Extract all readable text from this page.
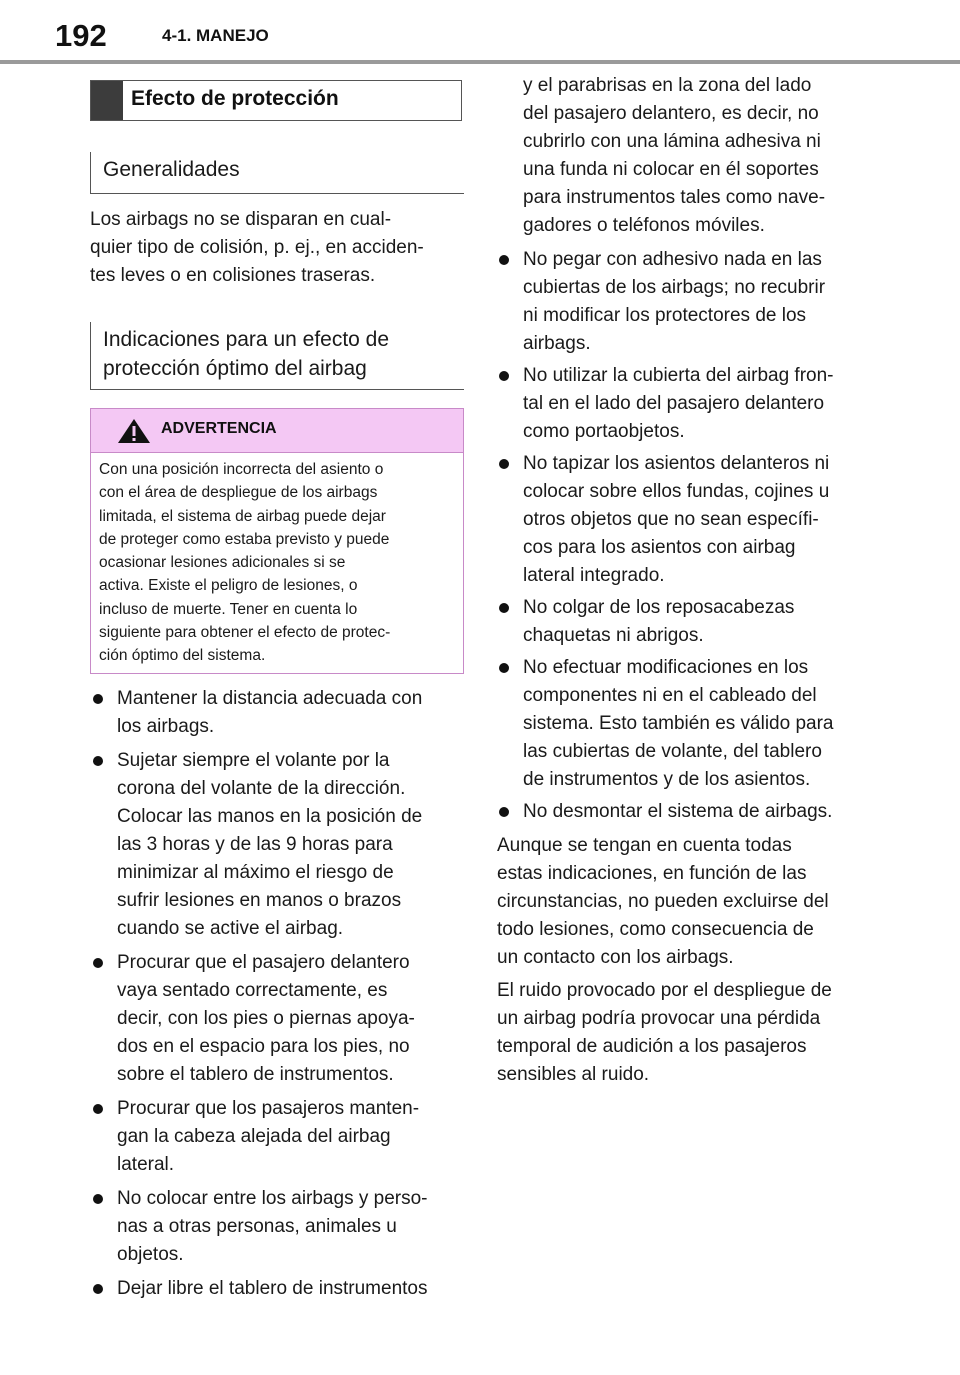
192	4-1. MANEJO
Efecto de protección
Generalidades

Los airbags no se disparan en cual-
quier tipo de colisión, p. ej., en acciden-
tes leves o en colisiones traseras.

Indicaciones para un efecto de
protección óptimo del airbag
ADVERTENCIA
Con una posición incorrecta del asiento o
con el área de despliegue de los airbags
limitada, el sistema de airbag puede dejar
de proteger como estaba previsto y puede
ocasionar lesiones adicionales si se
activa. Existe el peligro de lesiones, o
incluso de muerte. Tener en cuenta lo
siguiente para obtener el efecto de protec-
ción óptimo del sistema.
Mantener la distancia adecuada con
los airbags.
Sujetar siempre el volante por la
corona del volante de la dirección.
Colocar las manos en la posición de
las 3 horas y de las 9 horas para
minimizar al máximo el riesgo de
sufrir lesiones en manos o brazos
cuando se active el airbag.
Procurar que el pasajero delantero
vaya sentado correctamente, es
decir, con los pies o piernas apoya-
dos en el espacio para los pies, no
sobre el tablero de instrumentos.
Procurar que los pasajeros manten-
gan la cabeza alejada del airbag
lateral.
No colocar entre los airbags y perso-
nas a otras personas, animales u
objetos.
Dejar libre el tablero de instrumentos
y el parabrisas en la zona del lado
del pasajero delantero, es decir, no
cubrirlo con una lámina adhesiva ni
una funda ni colocar en él soportes
para instrumentos tales como nave-
gadores o teléfonos móviles.
No pegar con adhesivo nada en las
cubiertas de los airbags; no recubrir
ni modificar los protectores de los
airbags.
No utilizar la cubierta del airbag fron-
tal en el lado del pasajero delantero
como portaobjetos.
No tapizar los asientos delanteros ni
colocar sobre ellos fundas, cojines u
otros objetos que no sean específi-
cos para los asientos con airbag
lateral integrado.
No colgar de los reposacabezas
chaquetas ni abrigos.
No efectuar modificaciones en los
componentes ni en el cableado del
sistema. Esto también es válido para
las cubiertas de volante, del tablero
de instrumentos y de los asientos.
No desmontar el sistema de airbags.

Aunque se tengan en cuenta todas
estas indicaciones, en función de las
circunstancias, no pueden excluirse del
todo lesiones, como consecuencia de
un contacto con los airbags.

El ruido provocado por el despliegue de
un airbag podría provocar una pérdida
temporal de audición a los pasajeros
sensibles al ruido.
